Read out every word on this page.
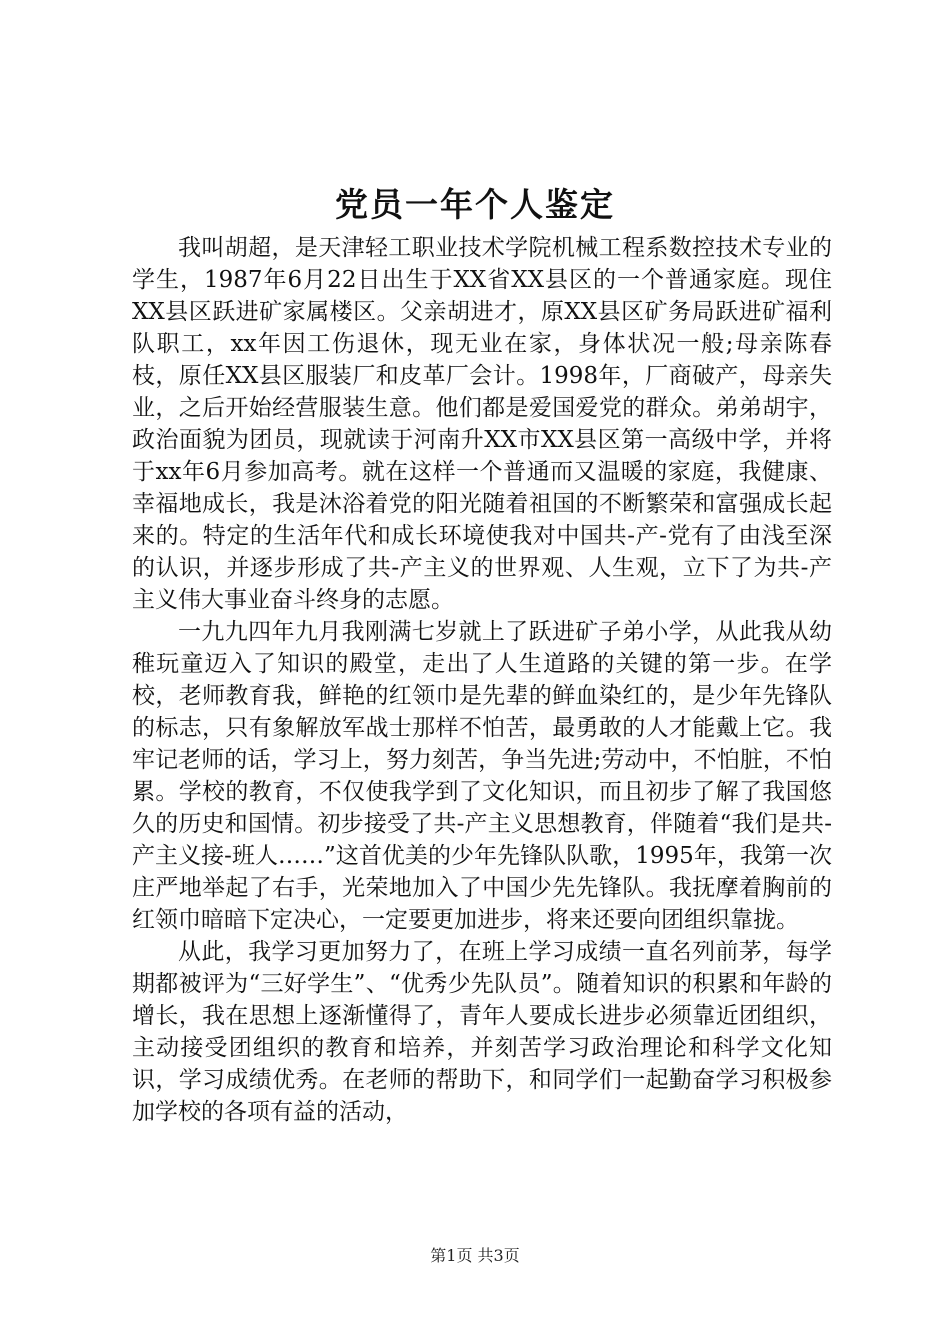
党员一年个人鉴定

我叫胡超，是天津轻工职业技术学院机械工程系数控技术专业的学生，1987年6月22日出生于XX省XX县区的一个普通家庭。现住XX县区跃进矿家属楼区。父亲胡进才，原XX县区矿务局跃进矿福利队职工，xx年因工伤退休，现无业在家，身体状况一般;母亲陈春枝，原任XX县区服装厂和皮革厂会计。1998年，厂商破产，母亲失业，之后开始经营服装生意。他们都是爱国爱党的群众。弟弟胡宇，政治面貌为团员，现就读于河南升XX市XX县区第一高级中学，并将于xx年6月参加高考。就在这样一个普通而又温暖的家庭，我健康、幸福地成长，我是沐浴着党的阳光随着祖国的不断繁荣和富强成长起来的。特定的生活年代和成长环境使我对中国共-产-党有了由浅至深的认识，并逐步形成了共-产主义的世界观、人生观，立下了为共-产主义伟大事业奋斗终身的志愿。

一九九四年九月我刚满七岁就上了跃进矿子弟小学，从此我从幼稚玩童迈入了知识的殿堂，走出了人生道路的关键的第一步。在学校，老师教育我，鲜艳的红领巾是先辈的鲜血染红的，是少年先锋队的标志，只有象解放军战士那样不怕苦，最勇敢的人才能戴上它。我牢记老师的话，学习上，努力刻苦，争当先进;劳动中，不怕脏，不怕累。学校的教育，不仅使我学到了文化知识，而且初步了解了我国悠久的历史和国情。初步接受了共-产主义思想教育，伴随着“我们是共-产主义接-班人……”这首优美的少年先锋队队歌，1995年，我第一次庄严地举起了右手，光荣地加入了中国少先先锋队。我抚摩着胸前的红领巾暗暗下定决心，一定要更加进步，将来还要向团组织靠拢。

从此，我学习更加努力了，在班上学习成绩一直名列前茅，每学期都被评为“三好学生”、“优秀少先队员”。随着知识的积累和年龄的增长，我在思想上逐渐懂得了，青年人要成长进步必须靠近团组织，主动接受团组织的教育和培养，并刻苦学习政治理论和科学文化知识，学习成绩优秀。在老师的帮助下，和同学们一起勤奋学习积极参加学校的各项有益的活动，

第1页 共3页
